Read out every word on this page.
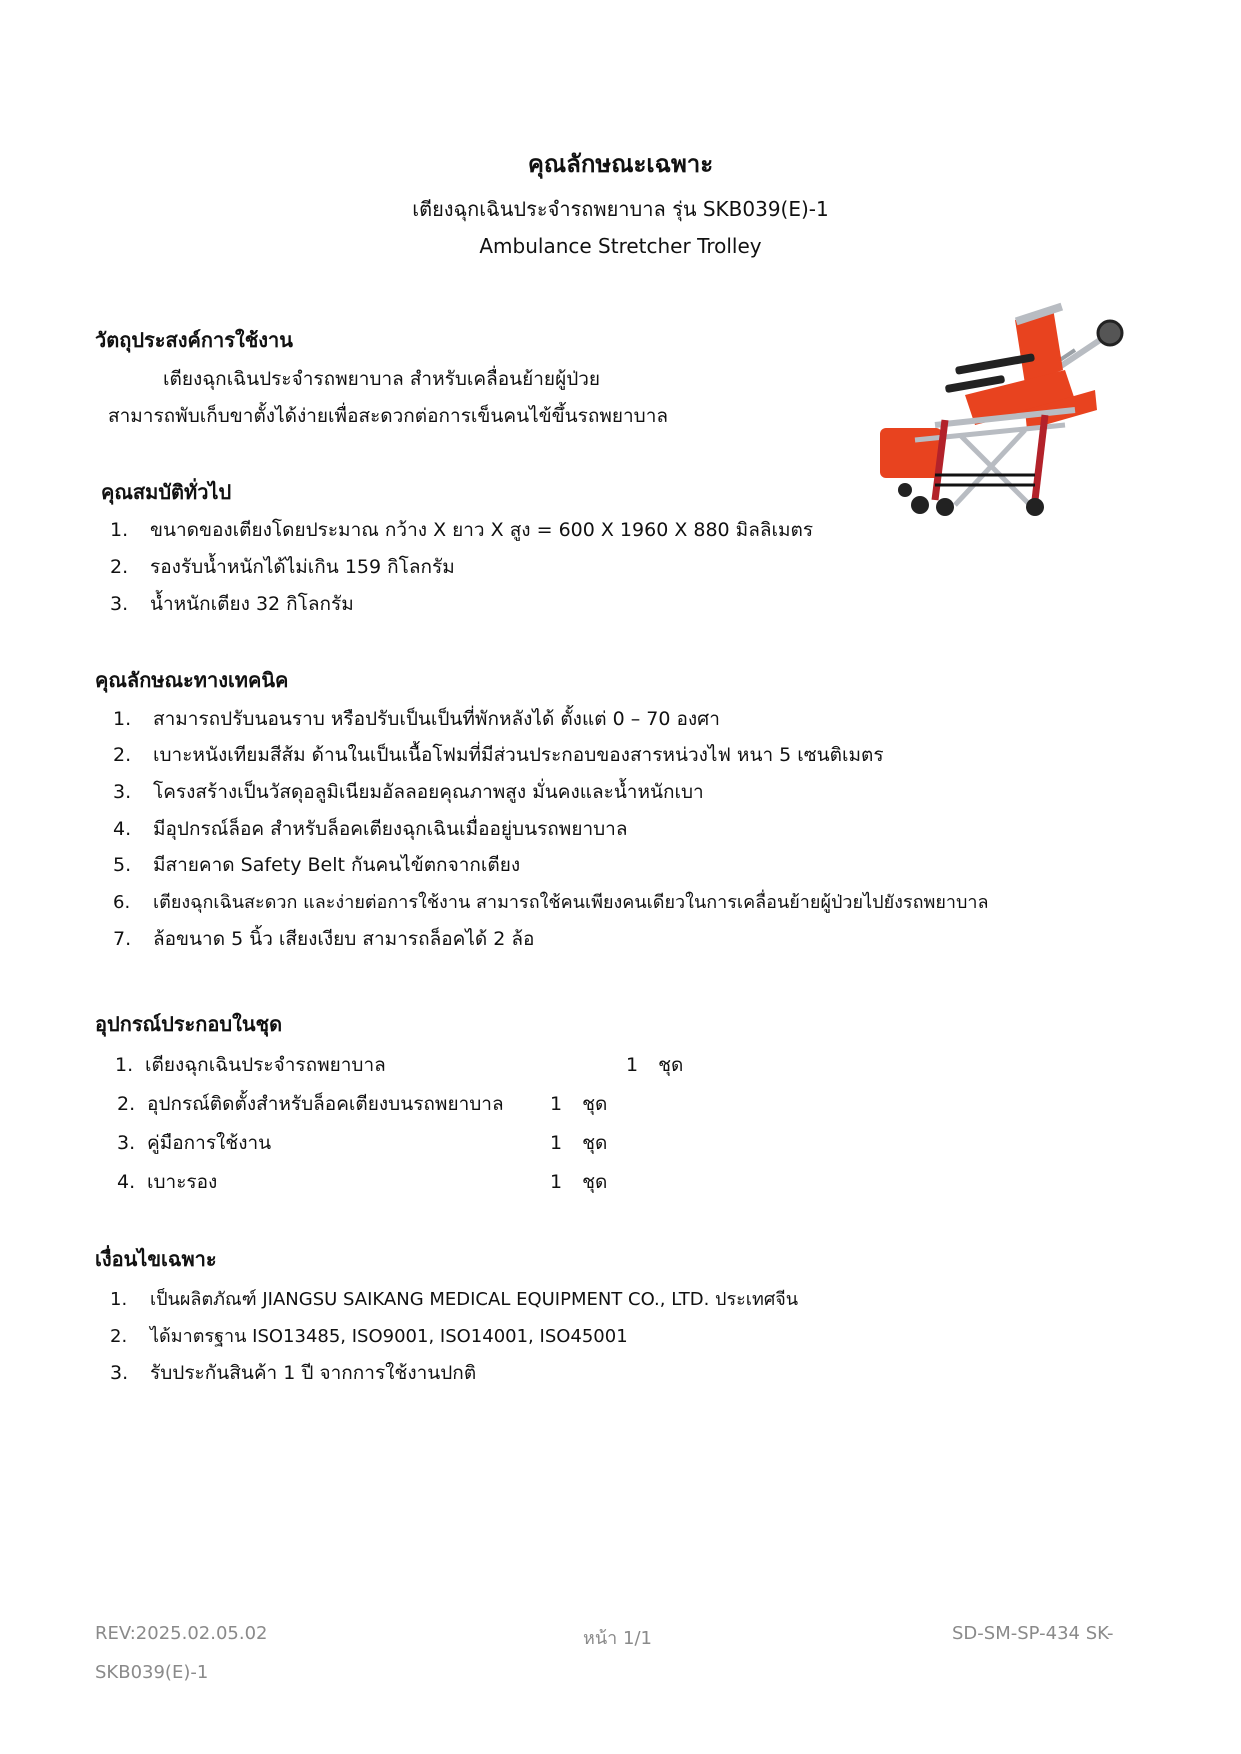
คุณลักษณะเฉพาะ
เตียงฉุกเฉินประจำรถพยาบาล รุ่น SKB039(E)-1
Ambulance Stretcher Trolley
วัตถุประสงค์การใช้งาน
เตียงฉุกเฉินประจำรถพยาบาล สำหรับเคลื่อนย้ายผู้ป่วย
สามารถพับเก็บขาตั้งได้ง่ายเพื่อสะดวกต่อการเข็นคนไข้ขึ้นรถพยาบาล
คุณสมบัติทั่วไป
1. ขนาดของเตียงโดยประมาณ กว้าง X ยาว X สูง = 600 X 1960 X 880 มิลลิเมตร
2. รองรับน้ำหนักได้ไม่เกิน 159 กิโลกรัม
3. น้ำหนักเตียง 32 กิโลกรัม
คุณลักษณะทางเทคนิค
1. สามารถปรับนอนราบ หรือปรับเป็นเป็นที่พักหลังได้ ตั้งแต่ 0 – 70 องศา
2. เบาะหนังเทียมสีส้ม ด้านในเป็นเนื้อโฟมที่มีส่วนประกอบของสารหน่วงไฟ หนา 5 เซนติเมตร
3. โครงสร้างเป็นวัสดุอลูมิเนียมอัลลอยคุณภาพสูง มั่นคงและน้ำหนักเบา
4. มีอุปกรณ์ล็อค สำหรับล็อคเตียงฉุกเฉินเมื่ออยู่บนรถพยาบาล
5. มีสายคาด Safety Belt กันคนไข้ตกจากเตียง
6. เตียงฉุกเฉินสะดวก และง่ายต่อการใช้งาน สามารถใช้คนเพียงคนเดียวในการเคลื่อนย้ายผู้ป่วยไปยังรถพยาบาล
7. ล้อขนาด 5 นิ้ว เสียงเงียบ สามารถล็อคได้ 2 ล้อ
อุปกรณ์ประกอบในชุด
1. เตียงฉุกเฉินประจำรถพยาบาล	1 ชุด
2. อุปกรณ์ติดตั้งสำหรับล็อคเตียงบนรถพยาบาล 1 ชุด
3. คู่มือการใช้งาน	1 ชุด
4. เบาะรอง	1 ชุด
เงื่อนไขเฉพาะ
1. เป็นผลิตภัณฑ์ JIANGSU SAIKANG MEDICAL EQUIPMENT CO., LTD. ประเทศจีน
2. ได้มาตรฐาน ISO13485, ISO9001, ISO14001, ISO45001
3. รับประกันสินค้า 1 ปี จากการใช้งานปกติ
REV:2025.02.05.02	หน้า 1/1	SD-SM-SP-434 SK-
SKB039(E)-1
